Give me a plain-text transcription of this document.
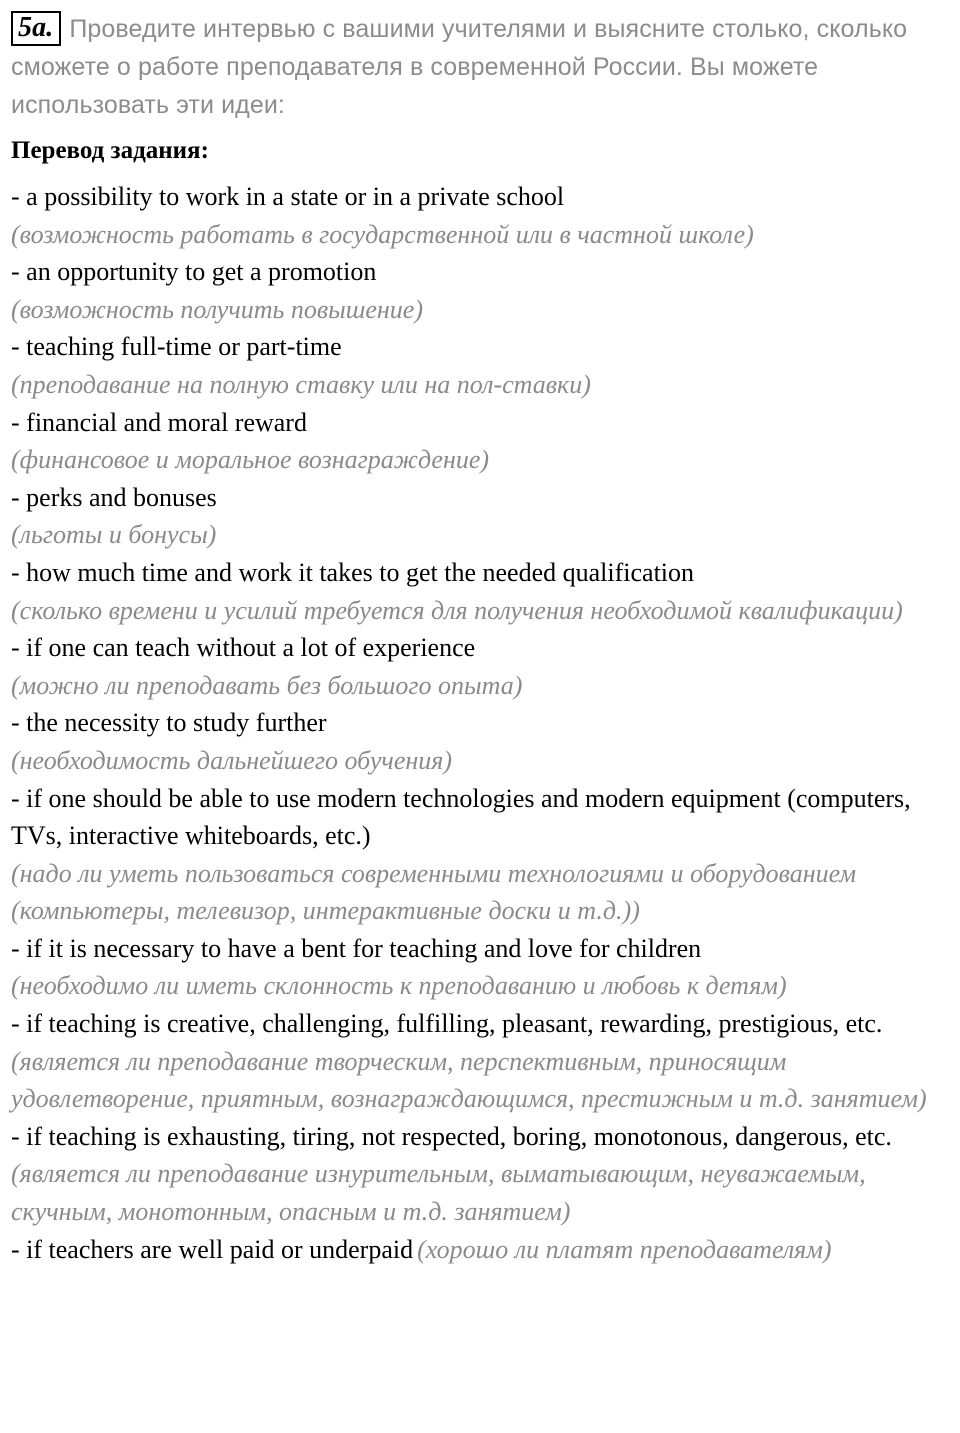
5a. Проведите интервью с вашими учителями и выясните столько, сколько сможете о работе преподавателя в современной России. Вы можете использовать эти идеи:

Перевод задания:
- a possibility to work in a state or in a private school
(возможность работать в государственной или в частной школе)
- an opportunity to get a promotion
(возможность получить повышение)
- teaching full-time or part-time
(преподавание на полную ставку или на пол-ставки)
- financial and moral reward
(финансовое и моральное вознаграждение)
- perks and bonuses
(льготы и бонусы)
- how much time and work it takes to get the needed qualification
(сколько времени и усилий требуется для получения необходимой квалификации)
- if one can teach without a lot of experience
(можно ли преподавать без большого опыта)
- the necessity to study further
(необходимость дальнейшего обучения)
- if one should be able to use modern technologies and modern equipment (computers, TVs, interactive whiteboards, etc.)
(надо ли уметь пользоваться современными технологиями и оборудованием (компьютеры, телевизор, интерактивные доски и т.д.))
- if it is necessary to have a bent for teaching and love for children
(необходимо ли иметь склонность к преподаванию и любовь к детям)
- if teaching is creative, challenging, fulfilling, pleasant, rewarding, prestigious, etc.
(является ли преподавание творческим, перспективным, приносящим удовлетворение, приятным, вознаграждающимся, престижным и т.д. занятием)
- if teaching is exhausting, tiring, not respected, boring, monotonous, dangerous, etc.
(является ли преподавание изнурительным, выматывающим, неуважаемым, скучным, монотонным, опасным и т.д. занятием)
- if teachers are well paid or underpaid (хорошо ли платят преподавателям)
